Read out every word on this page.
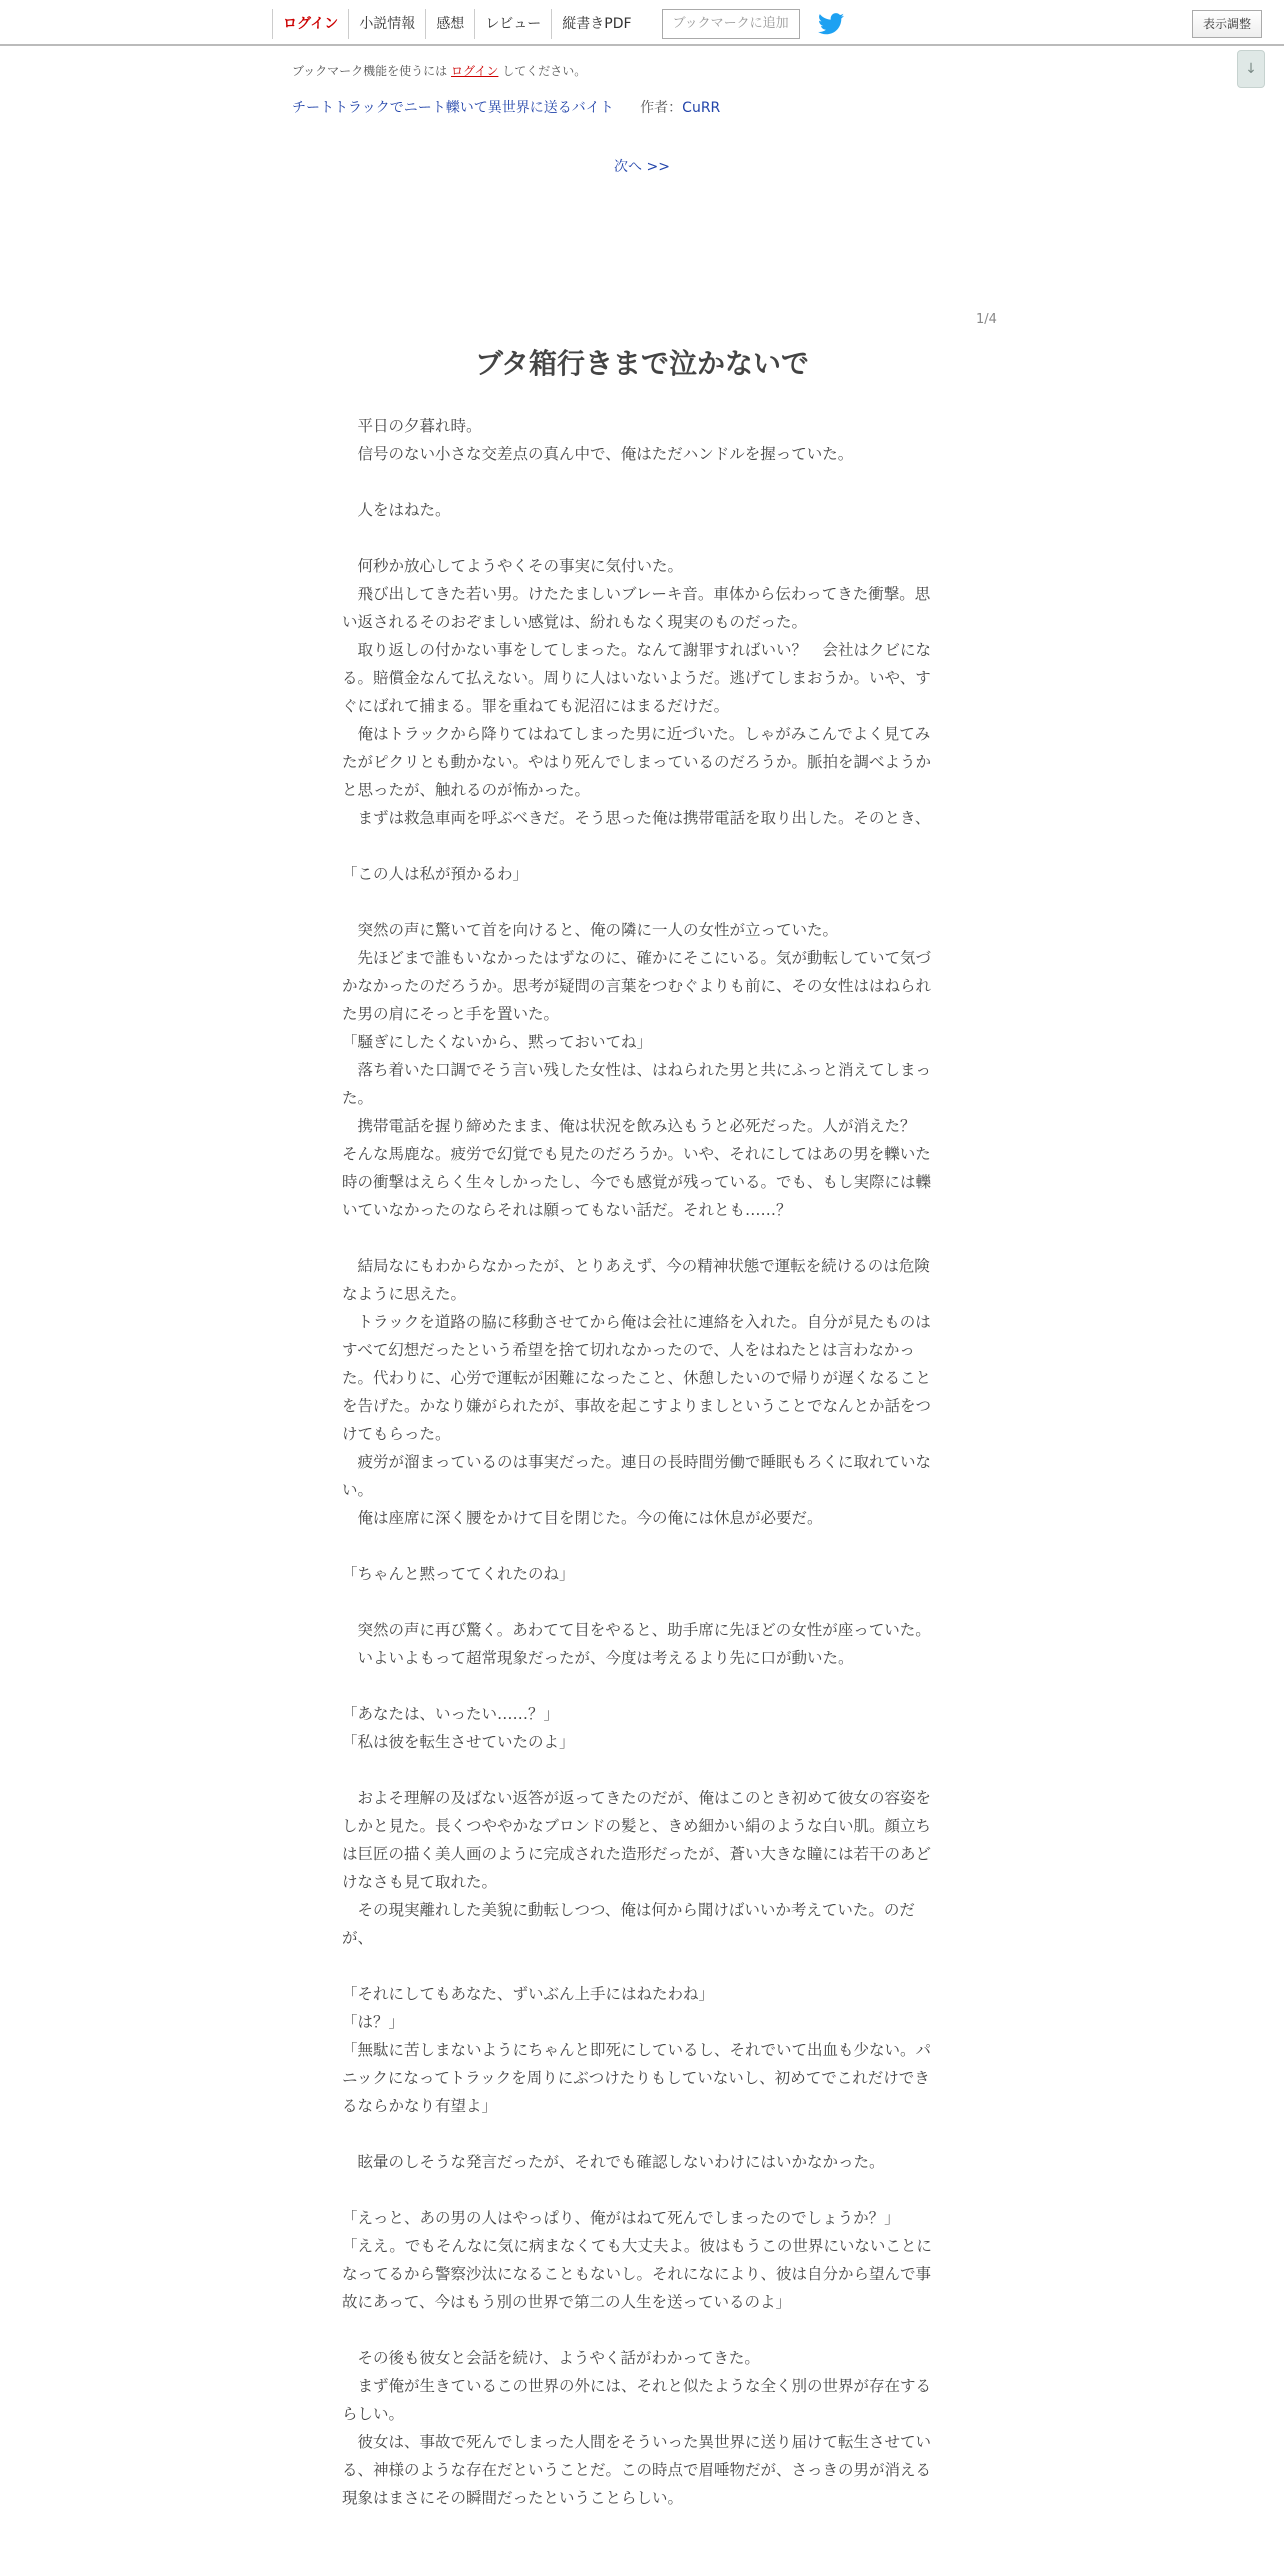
ログイン	小説情報	感想	レビュー	縦書きPDF	ブックマークに追加	表示調整
↓
ブックマーク機能を使うには ログイン してください。
チートトラックでニート轢いて異世界に送るバイト 作者：CuRR
次へ >>
1/4
ブタ箱行きまで泣かないで

　平日の夕暮れ時。

　信号のない小さな交差点の真ん中で、俺はただハンドルを握っていた。

　人をはねた。

　何秒か放心してようやくその事実に気付いた。

　飛び出してきた若い男。けたたましいブレーキ音。車体から伝わってきた衝撃。思い返されるそのおぞましい感覚は、紛れもなく現実のものだった。

　取り返しの付かない事をしてしまった。なんて謝罪すればいい？　会社はクビになる。賠償金なんて払えない。周りに人はいないようだ。逃げてしまおうか。いや、すぐにばれて捕まる。罪を重ねても泥沼にはまるだけだ。

　俺はトラックから降りてはねてしまった男に近づいた。しゃがみこんでよく見てみたがピクリとも動かない。やはり死んでしまっているのだろうか。脈拍を調べようかと思ったが、触れるのが怖かった。

　まずは救急車両を呼ぶべきだ。そう思った俺は携帯電話を取り出した。そのとき、

「この人は私が預かるわ」

　突然の声に驚いて首を向けると、俺の隣に一人の女性が立っていた。

　先ほどまで誰もいなかったはずなのに、確かにそこにいる。気が動転していて気づかなかったのだろうか。思考が疑問の言葉をつむぐよりも前に、その女性ははねられた男の肩にそっと手を置いた。

「騒ぎにしたくないから、黙っておいてね」

　落ち着いた口調でそう言い残した女性は、はねられた男と共にふっと消えてしまった。

　携帯電話を握り締めたまま、俺は状況を飲み込もうと必死だった。人が消えた？　そんな馬鹿な。疲労で幻覚でも見たのだろうか。いや、それにしてはあの男を轢いた時の衝撃はえらく生々しかったし、今でも感覚が残っている。でも、もし実際には轢いていなかったのならそれは願ってもない話だ。それとも……？

　結局なにもわからなかったが、とりあえず、今の精神状態で運転を続けるのは危険なように思えた。

　トラックを道路の脇に移動させてから俺は会社に連絡を入れた。自分が見たものはすべて幻想だったという希望を捨て切れなかったので、人をはねたとは言わなかった。代わりに、心労で運転が困難になったこと、休憩したいので帰りが遅くなることを告げた。かなり嫌がられたが、事故を起こすよりましということでなんとか話をつけてもらった。

　疲労が溜まっているのは事実だった。連日の長時間労働で睡眠もろくに取れていない。

　俺は座席に深く腰をかけて目を閉じた。今の俺には休息が必要だ。

「ちゃんと黙っててくれたのね」

　突然の声に再び驚く。あわてて目をやると、助手席に先ほどの女性が座っていた。

　いよいよもって超常現象だったが、今度は考えるより先に口が動いた。

「あなたは、いったい……？」

「私は彼を転生させていたのよ」

　およそ理解の及ばない返答が返ってきたのだが、俺はこのとき初めて彼女の容姿をしかと見た。長くつややかなブロンドの髪と、きめ細かい絹のような白い肌。顔立ちは巨匠の描く美人画のように完成された造形だったが、蒼い大きな瞳には若干のあどけなさも見て取れた。

　その現実離れした美貌に動転しつつ、俺は何から聞けばいいか考えていた。のだが、

「それにしてもあなた、ずいぶん上手にはねたわね」

「は？」

「無駄に苦しまないようにちゃんと即死にしているし、それでいて出血も少ない。パニックになってトラックを周りにぶつけたりもしていないし、初めてでこれだけできるならかなり有望よ」

　眩暈のしそうな発言だったが、それでも確認しないわけにはいかなかった。

「えっと、あの男の人はやっぱり、俺がはねて死んでしまったのでしょうか？」

「ええ。でもそんなに気に病まなくても大丈夫よ。彼はもうこの世界にいないことになってるから警察沙汰になることもないし。それになにより、彼は自分から望んで事故にあって、今はもう別の世界で第二の人生を送っているのよ」

　その後も彼女と会話を続け、ようやく話がわかってきた。

　まず俺が生きているこの世界の外には、それと似たような全く別の世界が存在するらしい。

　彼女は、事故で死んでしまった人間をそういった異世界に送り届けて転生させている、神様のような存在だということだ。この時点で眉唾物だが、さっきの男が消える現象はまさにその瞬間だったということらしい。
